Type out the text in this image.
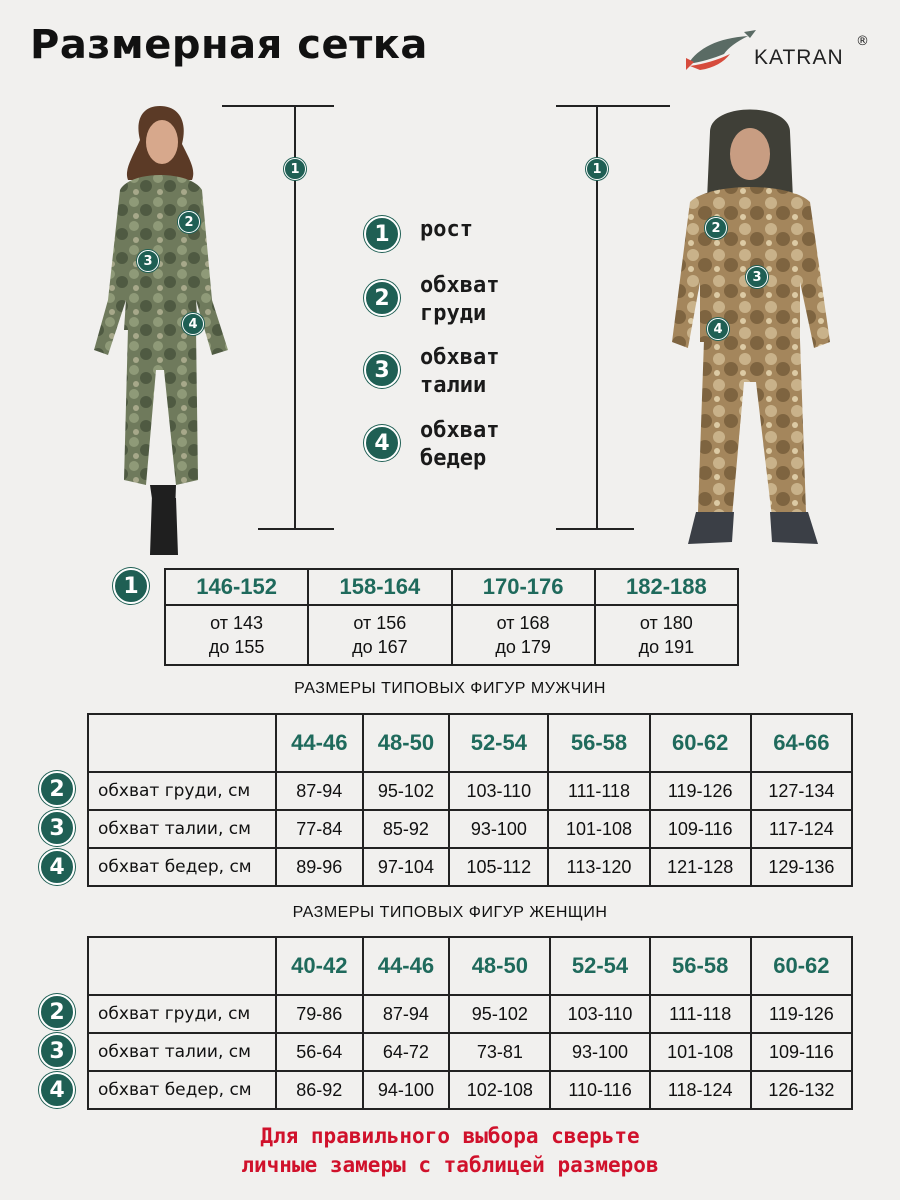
Размерная сетка	KATRAN
®
2
3
4
2
3
4
1	1
1	рост
2	обхват
груди
3	обхват
талии
4	обхват
бедер
1	146-152	158-164	170-176	182-188
от 143
до 155	от 156
до 167	от 168
до 179	от 180
до 191
РАЗМЕРЫ ТИПОВЫХ ФИГУР МУЖЧИН
	44-46	48-50	52-54	56-58	60-62	64-66
обхват груди, см	87-94	95-102	103-110	111-118	119-126	127-134
обхват талии, см	77-84	85-92	93-100	101-108	109-116	117-124
обхват бедер, см	89-96	97-104	105-112	113-120	121-128	129-136
2
3
4
РАЗМЕРЫ ТИПОВЫХ ФИГУР ЖЕНЩИН
	40-42	44-46	48-50	52-54	56-58	60-62
обхват груди, см	79-86	87-94	95-102	103-110	111-118	119-126
обхват талии, см	56-64	64-72	73-81	93-100	101-108	109-116
обхват бедер, см	86-92	94-100	102-108	110-116	118-124	126-132
2
3
4
Для правильного выбора сверьте
личные замеры с таблицей размеров
